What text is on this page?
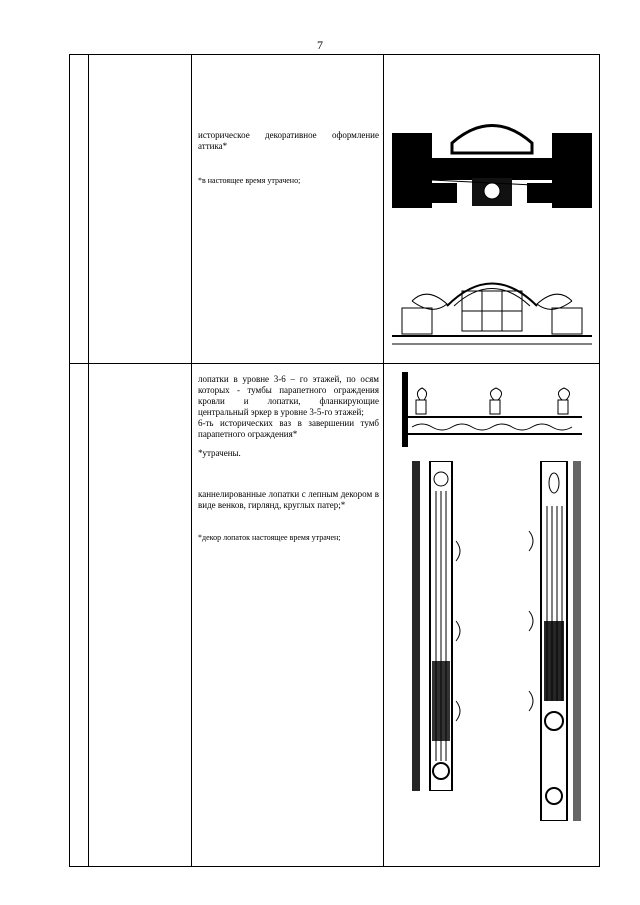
7

		историческое декоративное оформление аттика*
*в настоящее время утрачено;

		лопатки в уровне 3-6 – го этажей, по осям которых - тумбы парапетного ограждения кровли и лопатки, фланкирующие центральный эркер в уровне 3-5-го этажей;
6-ть исторических ваз в завершении тумб парапетного ограждения*
*утрачены.
каннелированные лопатки с лепным декором в виде венков, гирлянд, круглых патер;*
*декор лопаток настоящее время утрачен;
